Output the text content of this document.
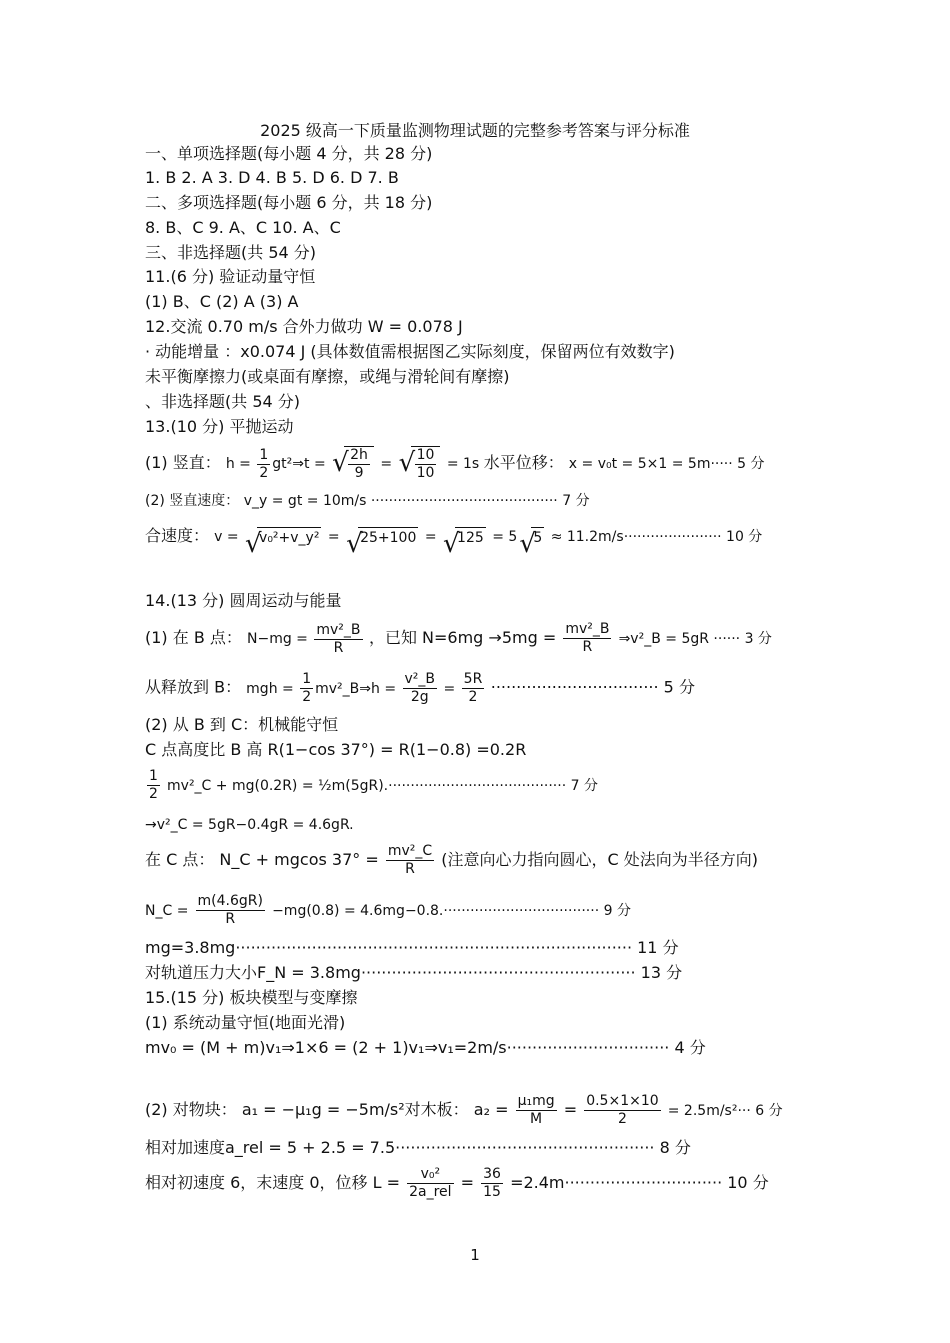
2025 级高一下质量监测物理试题的完整参考答案与评分标准
一、单项选择题(每小题 4 分，共 28 分)
1. B 2. A 3. D 4. B 5. D 6. D 7. B
二、多项选择题(每小题 6 分，共 18 分)
8. B、C 9. A、C 10. A、C
三、非选择题(共 54 分)
11.(6 分) 验证动量守恒
(1) B、C (2) A (3) A
12.交流 0.70 m/s 合外力做功 W = 0.078 J
· 动能增量 ：x0.074 J (具体数值需根据图乙实际刻度，保留两位有效数字)
未平衡摩擦力(或桌面有摩擦，或绳与滑轮间有摩擦)
、非选择题(共 54 分)
13.(10 分) 平抛运动
(1) 竖直： $h = \frac{1}{2}$ gt²⇒t = √ $\frac{2h}{9}$ = √ $\frac{10}{10} = 1s$ 水平位移： x = v₀t = 5×1 = 5m····· 5 分
(2) 竖直速度： v_y = gt = 10m/s ·········································· 7 分
合速度： v = √
v₀²+v_y² = √
25+100 = √
125 = 5 √
5 ≈ 11.2m/s······················ 10 分
14.(13 分) 圆周运动与能量
(1) 在 B 点： $N-mg = \frac{\text{mv²\_B}}{R}$ ，已知 $N=6mg \to 5mg = \frac{\text{mv²\_B}}{R}$ ⇒v²_B = 5gR ······ 3 分
从释放到 B： mgh = $\frac{1}{2}$ mv²_B⇒h = $\frac{\text{v²\_B}}{2g} = \frac{5R}{2}$ ································· 5 分
(2) 从 B 到 C：机械能守恒
C 点高度比 B 高 R(1−cos 37°) = R(1−0.8) =0.2R
$\frac{1}{2}$ mv²_C + mg(0.2R) = ½m(5gR).········································ 7 分
→v²_C = 5gR−0.4gR = 4.6gR.
在 C 点： N_C + mgcos $37^\circ = \frac{\text{mv²\_C}}{R}$ (注意向心力指向圆心，C 处法向为半径方向)
N_C = $\frac{m(4.6gR)}{R} -mg(0.8) = 4.6mg-0.8.\cdot\cdot\cdot\cdot\cdot\cdot\cdot\cdot\cdot\cdot\cdot\cdot\cdot\cdot\cdot\cdot\cdot\cdot\cdot\cdot\cdot\cdot\cdot\cdot\cdot\cdot\cdot\cdot\cdot\cdot\cdot\cdot\cdot\cdot\cdot 9$ 分
mg=3.8mg·············································································· 11 分
对轨道压力大小F_N = 3.8mg······················································ 13 分
15.(15 分) 板块模型与变摩擦
(1) 系统动量守恒(地面光滑)
mv₀ = (M + m)v₁⇒1×6 = (2 + 1)v₁⇒v₁=2m/s································ 4 分
(2) 对物块： a₁ = −μ₁g = −5m/s²对木板： $a_2 = \frac{\text{μ₁mg}}{M} = \frac{0.5\times 1\times 10}{2} = 2.5m/s^2\cdot\cdot\cdot 6$ 分
相对加速度a_rel = 5 + 2.5 = 7.5··················································· 8 分
相对初速度 6，末速度 0，位移 $L = \frac{\text{v₀²}}{\text{2a\_rel}} = \frac{36}{15} =2.4m\cdot\cdot\cdot\cdot\cdot\cdot\cdot\cdot\cdot\cdot\cdot\cdot\cdot\cdot\cdot\cdot\cdot\cdot\cdot\cdot\cdot\cdot\cdot\cdot\cdot\cdot\cdot\cdot\cdot\cdot\cdot 10$ 分
1
